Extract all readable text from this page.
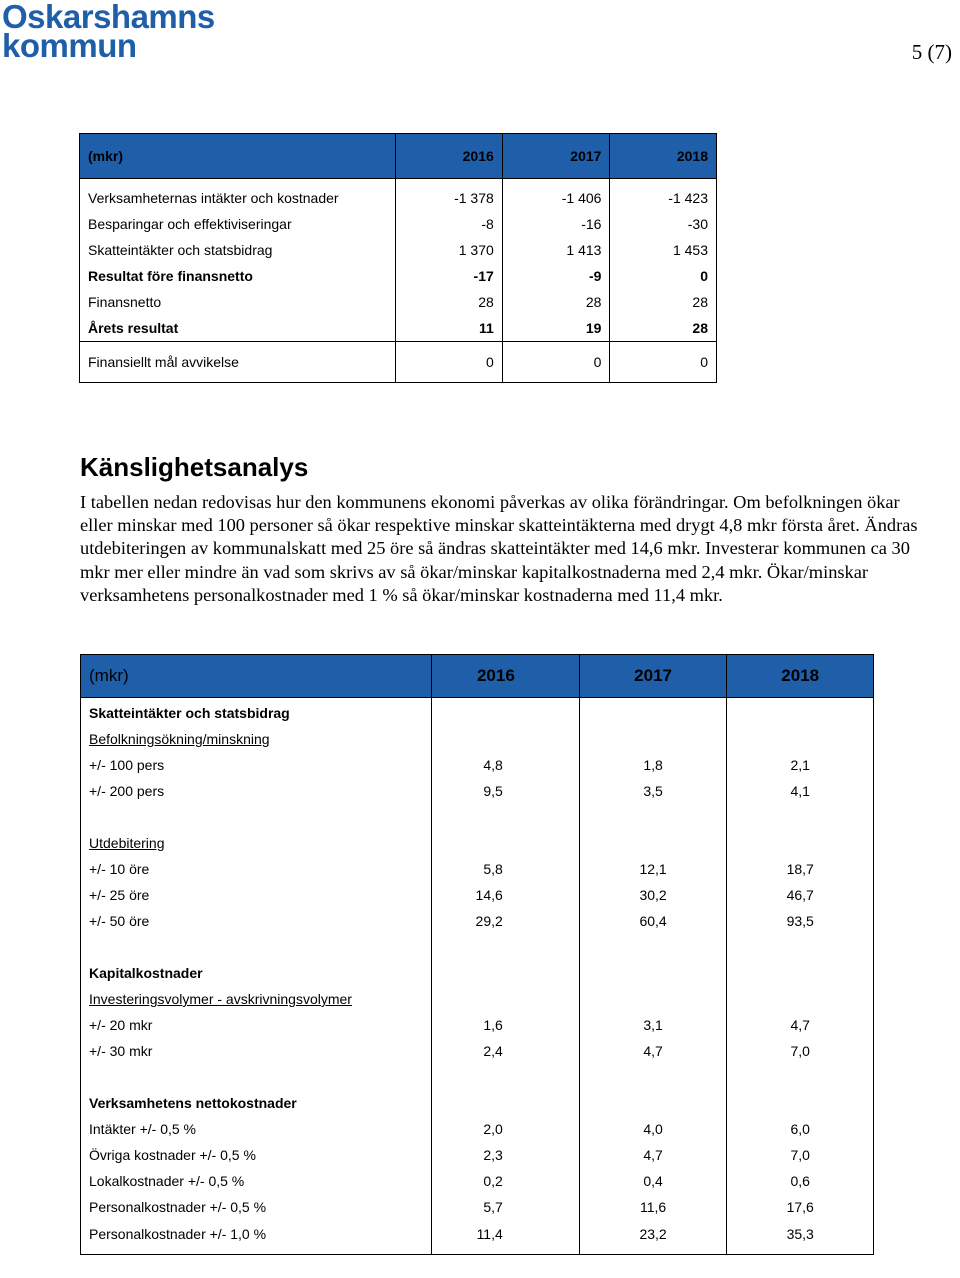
Oskarshamns
kommun	5 (7)
(mkr)	2016	2017	2018
Verksamheternas intäkter och kostnader	-1 378	-1 406	-1 423
Besparingar och effektiviseringar	-8	-16	-30
Skatteintäkter och statsbidrag	1 370	1 413	1 453
Resultat före finansnetto	-17	-9	0
Finansnetto	28	28	28
Årets resultat	11	19	28
Finansiellt mål avvikelse	0	0	0
Känslighetsanalys

I tabellen nedan redovisas hur den kommunens ekonomi påverkas av olika förändringar. Om befolkningen ökar eller minskar med 100 personer så ökar respektive minskar skatteintäkterna med drygt 4,8 mkr första året. Ändras utdebiteringen av kommunalskatt med 25 öre så ändras skatteintäkter med 14,6 mkr. Investerar kommunen ca 30 mkr mer eller mindre än vad som skrivs av så ökar/minskar kapitalkostnaderna med 2,4 mkr. Ökar/minskar verksamhetens personalkostnader med 1 % så ökar/minskar kostnaderna med 11,4 mkr.

(mkr)	2016	2017	2018
Skatteintäkter och statsbidrag			
Befolkningsökning/minskning			
+/- 100 pers	4,8	1,8	2,1
+/- 200 pers	9,5	3,5	4,1

Utdebitering			
+/- 10 öre	5,8	12,1	18,7
+/- 25 öre	14,6	30,2	46,7
+/- 50 öre	29,2	60,4	93,5

Kapitalkostnader			
Investeringsvolymer - avskrivningsvolymer			
+/- 20 mkr	1,6	3,1	4,7
+/- 30 mkr	2,4	4,7	7,0

Verksamhetens nettokostnader			
Intäkter +/- 0,5 %	2,0	4,0	6,0
Övriga kostnader +/- 0,5 %	2,3	4,7	7,0
Lokalkostnader +/- 0,5 %	0,2	0,4	0,6
Personalkostnader +/- 0,5 %	5,7	11,6	17,6
Personalkostnader +/- 1,0 %	11,4	23,2	35,3
